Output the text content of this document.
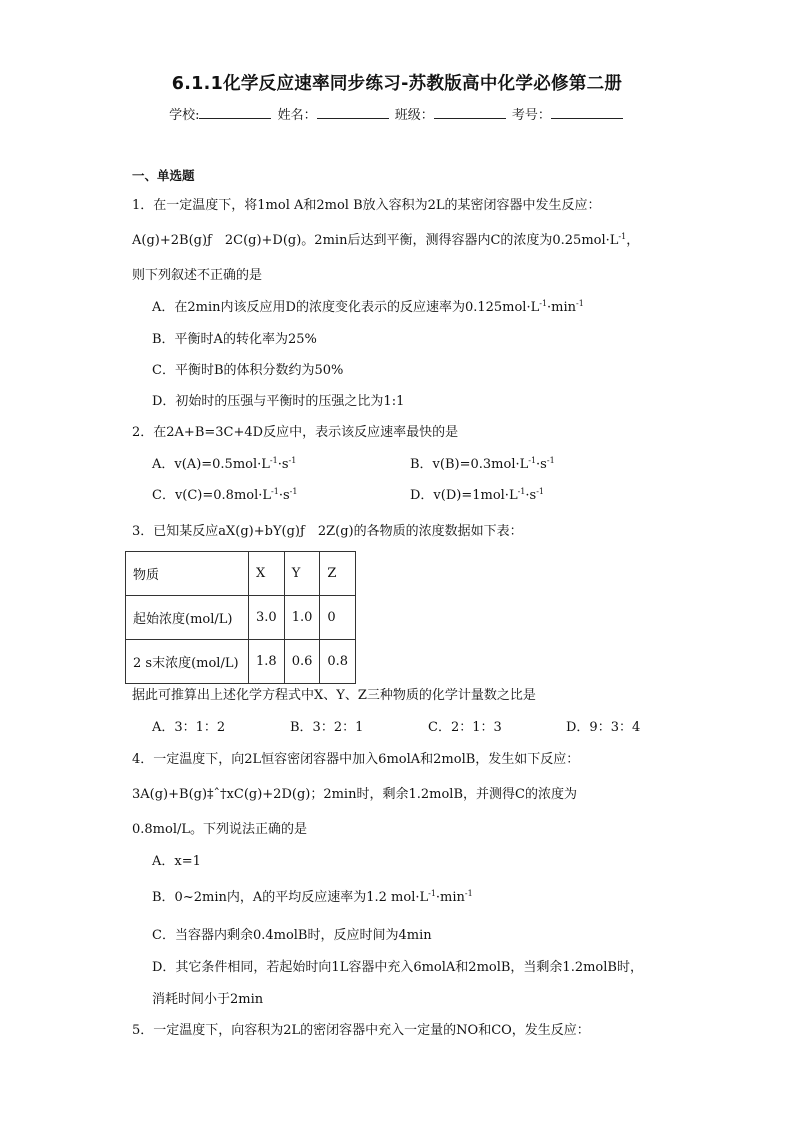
6.1.1化学反应速率同步练习-苏教版高中化学必修第二册
学校:	姓名：	班级：	考号：
一、单选题
1．在一定温度下，将1mol A和2mol B放入容积为2L的某密闭容器中发生反应：
A(g)+2B(g)ƒ　2C(g)+D(g)。2min后达到平衡，测得容器内C的浓度为$0.25mol\cdot L^{-1}$，
则下列叙述不正确的是
A．在2min内该反应用D的浓度变化表示的反应速率为$0.125mol\cdot L^{-1}\cdot\min^{-1}$
B．平衡时A的转化率为25%
C．平衡时B的体积分数约为50%
D．初始时的压强与平衡时的压强之比为1:1
2．在2A+B=3C+4D反应中，表示该反应速率最快的是
A．$v(A)=0.5mol\cdot L^{-1}\cdot s^{-1}$	B．$v(B)=0.3mol\cdot L^{-1}\cdot s^{-1}$
C．$v(C)=0.8mol\cdot L^{-1}\cdot s^{-1}$	D．$v(D)=1mol\cdot L^{-1}\cdot s^{-1}$
3．已知某反应aX(g)+bY(g)ƒ　2Z(g)的各物质的浓度数据如下表：
物质	X	Y	Z
起始浓度(mol/L)	3.0	1.0	0
2 s末浓度(mol/L)	1.8	0.6	0.8
据此可推算出上述化学方程式中X、Y、Z三种物质的化学计量数之比是
A．3：1：2	B．3：2：1	C．2：1：3	D．9：3：4
4．一定温度下，向2L恒容密闭容器中加入6molA和2molB，发生如下反应：
3A(g)+B(g)‡ˆ†xC(g)+2D(g)；2min时，剩余1.2molB，并测得C的浓度为
0.8mol/L。下列说法正确的是
A．x=1
B．0~2min内，A的平均反应速率为1.2 $mol\cdot L^{-1}\cdot\min^{-1}$
C．当容器内剩余0.4molB时，反应时间为4min
D．其它条件相同，若起始时向1L容器中充入6molA和2molB，当剩余1.2molB时，
消耗时间小于2min
5．一定温度下，向容积为2L的密闭容器中充入一定量的NO和CO，发生反应：
